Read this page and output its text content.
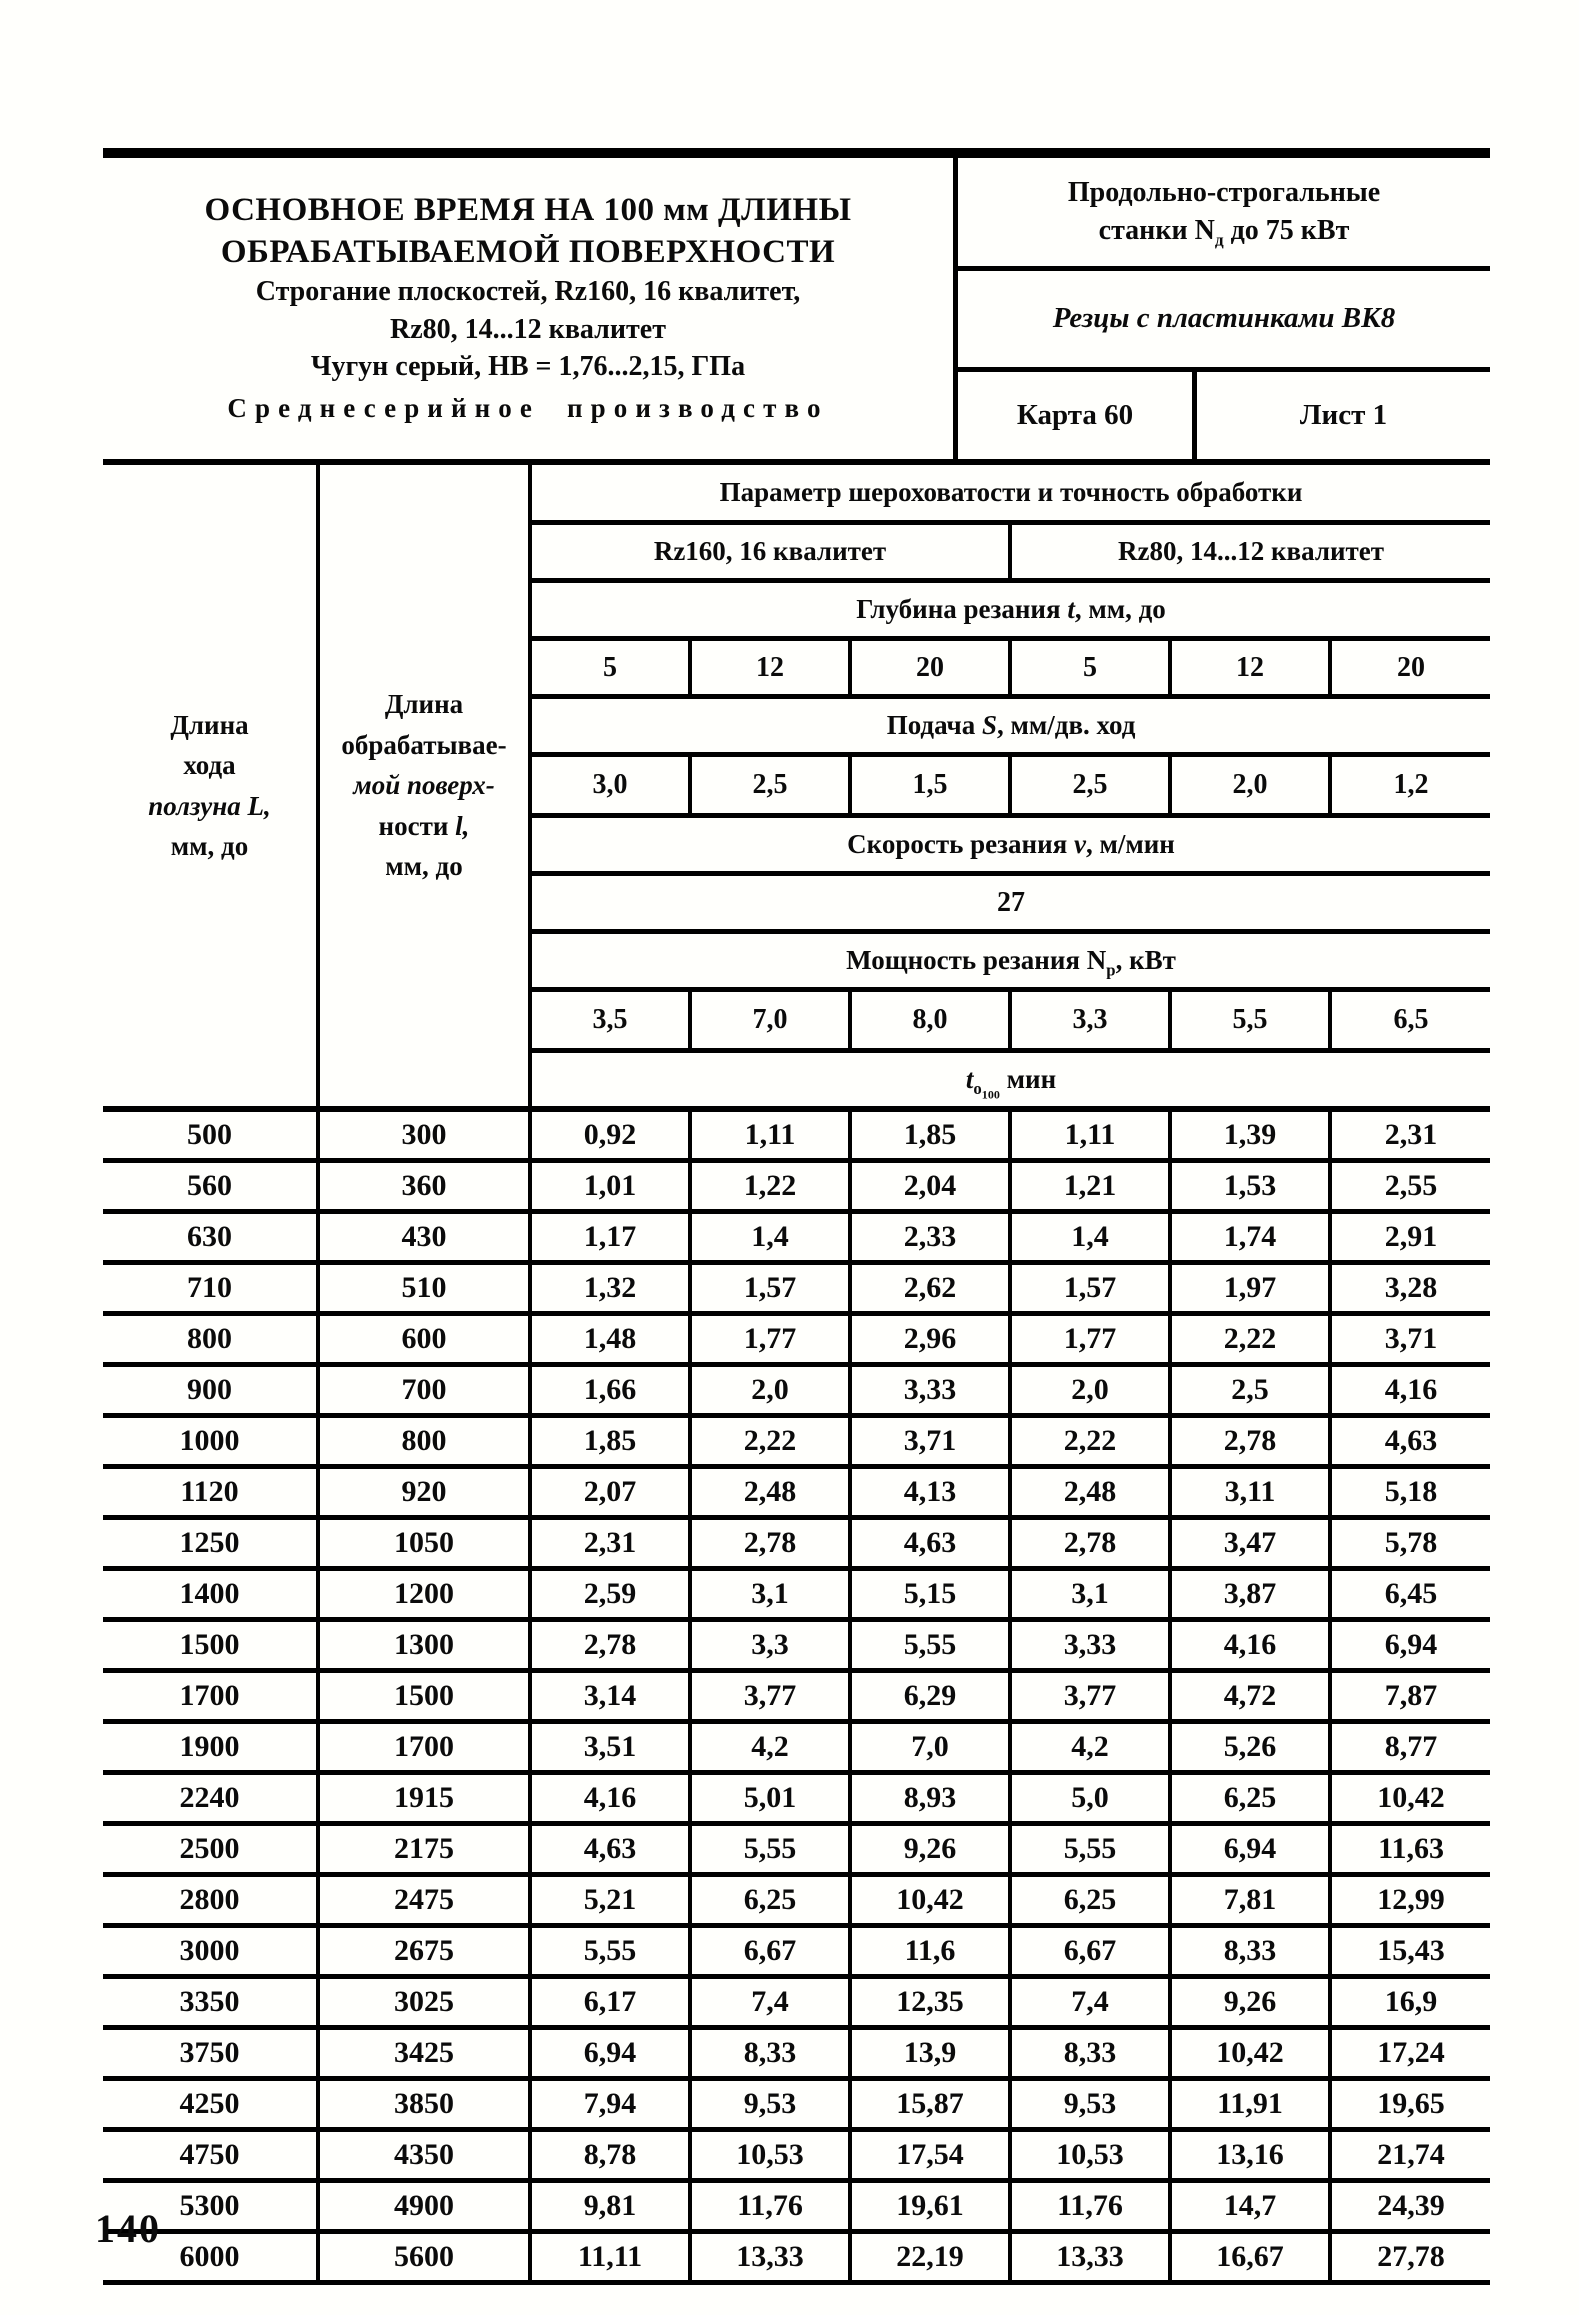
ОСНОВНОЕ ВРЕМЯ НА 100 мм ДЛИНЫ
ОБРАБАТЫВАЕМОЙ ПОВЕРХНОСТИ
Строгание плоскостей, Rz160, 16 квалитет,
Rz80, 14...12 квалитет
Чугун серый, НВ = 1,76...2,15, ГПа
Среднесерийное производство
Продольно-строгальные
станки $N_д$ до 75 кВт
Резцы с пластинками ВК8
Карта 60	Лист 1
Длина
хода
ползуна L,
мм, до

Длина
обрабатывае-
мой поверх-
ности l,
мм, до
	Параметр шероховатости и точность обработки
		Rz160, 16 квалитет			Rz80, 14...12 квалитет		
		Глубина резания t, мм, до					
		5	12	20	5	12	20
		Подача S, мм/дв. ход					
		3,0	2,5	1,5	2,5	2,0	1,2
		Скорость резания v, м/мин					
		27					
		Мощность резания $N_р$, кВт					
		3,5	7,0	8,0	3,3	5,5	6,5
		$t_{о_{100}}$ мин					
500	300	0,92	1,11	1,85	1,11	1,39	2,31
560	360	1,01	1,22	2,04	1,21	1,53	2,55
630	430	1,17	1,4	2,33	1,4	1,74	2,91
710	510	1,32	1,57	2,62	1,57	1,97	3,28
800	600	1,48	1,77	2,96	1,77	2,22	3,71
900	700	1,66	2,0	3,33	2,0	2,5	4,16
1000	800	1,85	2,22	3,71	2,22	2,78	4,63
1120	920	2,07	2,48	4,13	2,48	3,11	5,18
1250	1050	2,31	2,78	4,63	2,78	3,47	5,78
1400	1200	2,59	3,1	5,15	3,1	3,87	6,45
1500	1300	2,78	3,3	5,55	3,33	4,16	6,94
1700	1500	3,14	3,77	6,29	3,77	4,72	7,87
1900	1700	3,51	4,2	7,0	4,2	5,26	8,77
2240	1915	4,16	5,01	8,93	5,0	6,25	10,42
2500	2175	4,63	5,55	9,26	5,55	6,94	11,63
2800	2475	5,21	6,25	10,42	6,25	7,81	12,99
3000	2675	5,55	6,67	11,6	6,67	8,33	15,43
3350	3025	6,17	7,4	12,35	7,4	9,26	16,9
3750	3425	6,94	8,33	13,9	8,33	10,42	17,24
4250	3850	7,94	9,53	15,87	9,53	11,91	19,65
4750	4350	8,78	10,53	17,54	10,53	13,16	21,74
5300	4900	9,81	11,76	19,61	11,76	14,7	24,39
6000	5600	11,11	13,33	22,19	13,33	16,67	27,78
140
